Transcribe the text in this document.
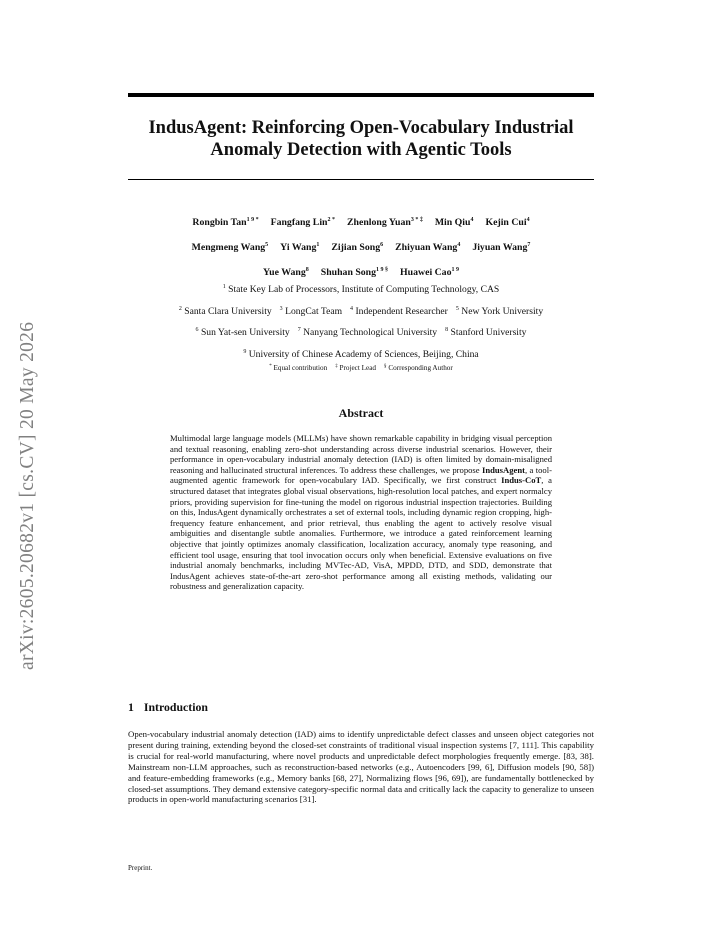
arXiv:2605.20682v1 [cs.CV] 20 May 2026
IndusAgent: Reinforcing Open-Vocabulary Industrial
Anomaly Detection with Agentic Tools
Rongbin Tan$^{1 9 *}$ Fangfang Lin$^{2 *}$ Zhenlong Yuan$^{3 * \ddagger}$ Min Qiu$^4$ Kejin Cui$^4$
Mengmeng Wang$^5$ Yi Wang$^1$ Zijian Song$^6$ Zhiyuan Wang$^4$ Jiyuan Wang$^7$
Yue Wang$^8$ Shuhan Song$^{1 9 \S}$ Huawei Cao$^{1 9}$
$^1$ State Key Lab of Processors, Institute of Computing Technology, CAS
$^2$ Santa Clara University $^3$ LongCat Team $^4$ Independent Researcher $^5$ New York University
$^6$ Sun Yat-sen University $^7$ Nanyang Technological University $^8$ Stanford University
$^9$ University of Chinese Academy of Sciences, Beijing, China
* Equal contribution ‡ Project Lead § Corresponding Author
Abstract

Multimodal large language models (MLLMs) have shown remarkable capability in bridging visual perception and textual reasoning, enabling zero-shot understanding across diverse industrial scenarios. However, their performance in open-vocabulary industrial anomaly detection (IAD) is often limited by domain-misaligned reasoning and hallucinated structural inferences. To address these challenges, we propose IndusAgent, a tool-augmented agentic framework for open-vocabulary IAD. Specifically, we first construct Indus-CoT, a structured dataset that integrates global visual observations, high-resolution local patches, and expert normalcy priors, providing supervision for fine-tuning the model on rigorous industrial inspection trajectories. Building on this, IndusAgent dynamically orchestrates a set of external tools, including dynamic region cropping, high-frequency feature enhancement, and prior retrieval, thus enabling the agent to actively resolve visual ambiguities and disentangle subtle anomalies. Furthermore, we introduce a gated reinforcement learning objective that jointly optimizes anomaly classification, localization accuracy, anomaly type reasoning, and efficient tool usage, ensuring that tool invocation occurs only when beneficial. Extensive evaluations on five industrial anomaly benchmarks, including MVTec-AD, VisA, MPDD, DTD, and SDD, demonstrate that IndusAgent achieves state-of-the-art zero-shot performance among all existing methods, validating our robustness and generalization capacity.

1 Introduction

Open-vocabulary industrial anomaly detection (IAD) aims to identify unpredictable defect classes and unseen object categories not present during training, extending beyond the closed-set constraints of traditional visual inspection systems [7, 111]. This capability is crucial for real-world manufacturing, where novel products and unpredictable defect morphologies frequently emerge. [83, 38]. Mainstream non-LLM approaches, such as reconstruction-based networks (e.g., Autoencoders [99, 6], Diffusion models [90, 58]) and feature-embedding frameworks (e.g., Memory banks [68, 27], Normalizing flows [96, 69]), are fundamentally bottlenecked by closed-set assumptions. They demand extensive category-specific normal data and critically lack the capacity to generalize to unseen products in open-world manufacturing scenarios [31].

Preprint.
